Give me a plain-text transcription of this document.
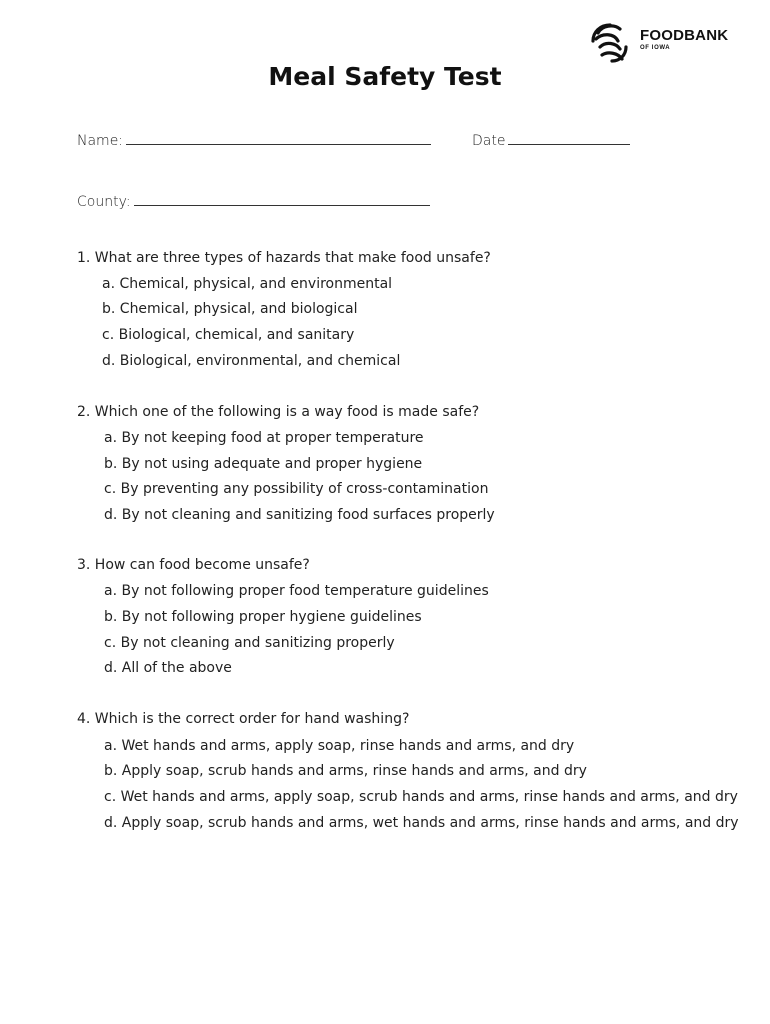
FOODBANK
OF IOWA
Meal Safety Test
Name:	Date
County:
1. What are three types of hazards that make food unsafe?
a. Chemical, physical, and environmental
b. Chemical, physical, and biological
c. Biological, chemical, and sanitary
d. Biological, environmental, and chemical
2. Which one of the following is a way food is made safe?
a. By not keeping food at proper temperature
b. By not using adequate and proper hygiene
c. By preventing any possibility of cross-contamination
d. By not cleaning and sanitizing food surfaces properly
3. How can food become unsafe?
a. By not following proper food temperature guidelines
b. By not following proper hygiene guidelines
c. By not cleaning and sanitizing properly
d. All of the above
4. Which is the correct order for hand washing?
a. Wet hands and arms, apply soap, rinse hands and arms, and dry
b. Apply soap, scrub hands and arms, rinse hands and arms, and dry
c. Wet hands and arms, apply soap, scrub hands and arms, rinse hands and arms, and dry
d. Apply soap, scrub hands and arms, wet hands and arms, rinse hands and arms, and dry
